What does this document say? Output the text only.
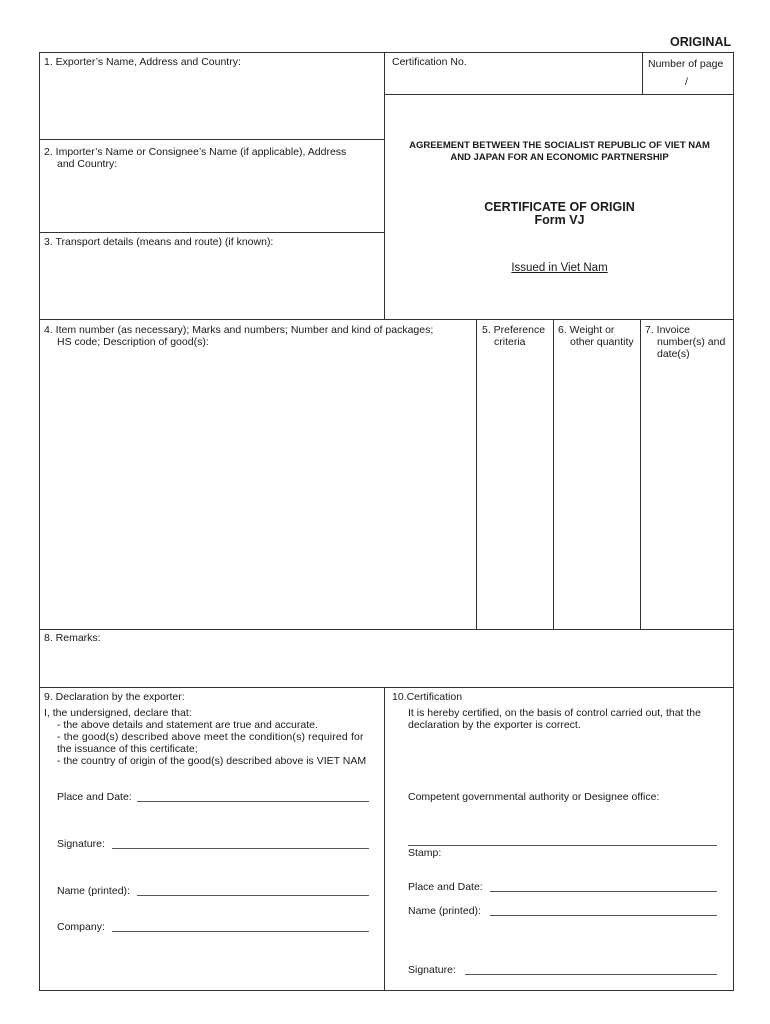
ORIGINAL
1. Exporter’s Name, Address and Country:	Certification No.	Number of page
/
2. Importer’s Name or Consignee’s Name (if applicable), Address
and Country:
AGREEMENT BETWEEN THE SOCIALIST REPUBLIC OF VIET NAM
AND JAPAN FOR AN ECONOMIC PARTNERSHIP
CERTIFICATE OF ORIGIN
Form VJ
Issued in Viet Nam
3. Transport details (means and route) (if known):
4. Item number (as necessary); Marks and numbers; Number and kind of packages;
HS code; Description of good(s):
5. Preference
criteria
6. Weight or
other quantity
7. Invoice
number(s) and
date(s)
8. Remarks:
9. Declaration by the exporter:
I, the undersigned, declare that:
- the above details and statement are true and accurate.
- the good(s) described above meet the condition(s) required for
the issuance of this certificate;
- the country of origin of the good(s) described above is VIET NAM
Place and Date:
Signature:
Name (printed):
Company:
10.Certification
It is hereby certified, on the basis of control carried out, that the
declaration by the exporter is correct.
Competent governmental authority or Designee office:
Stamp:
Place and Date:
Name (printed):
Signature:
